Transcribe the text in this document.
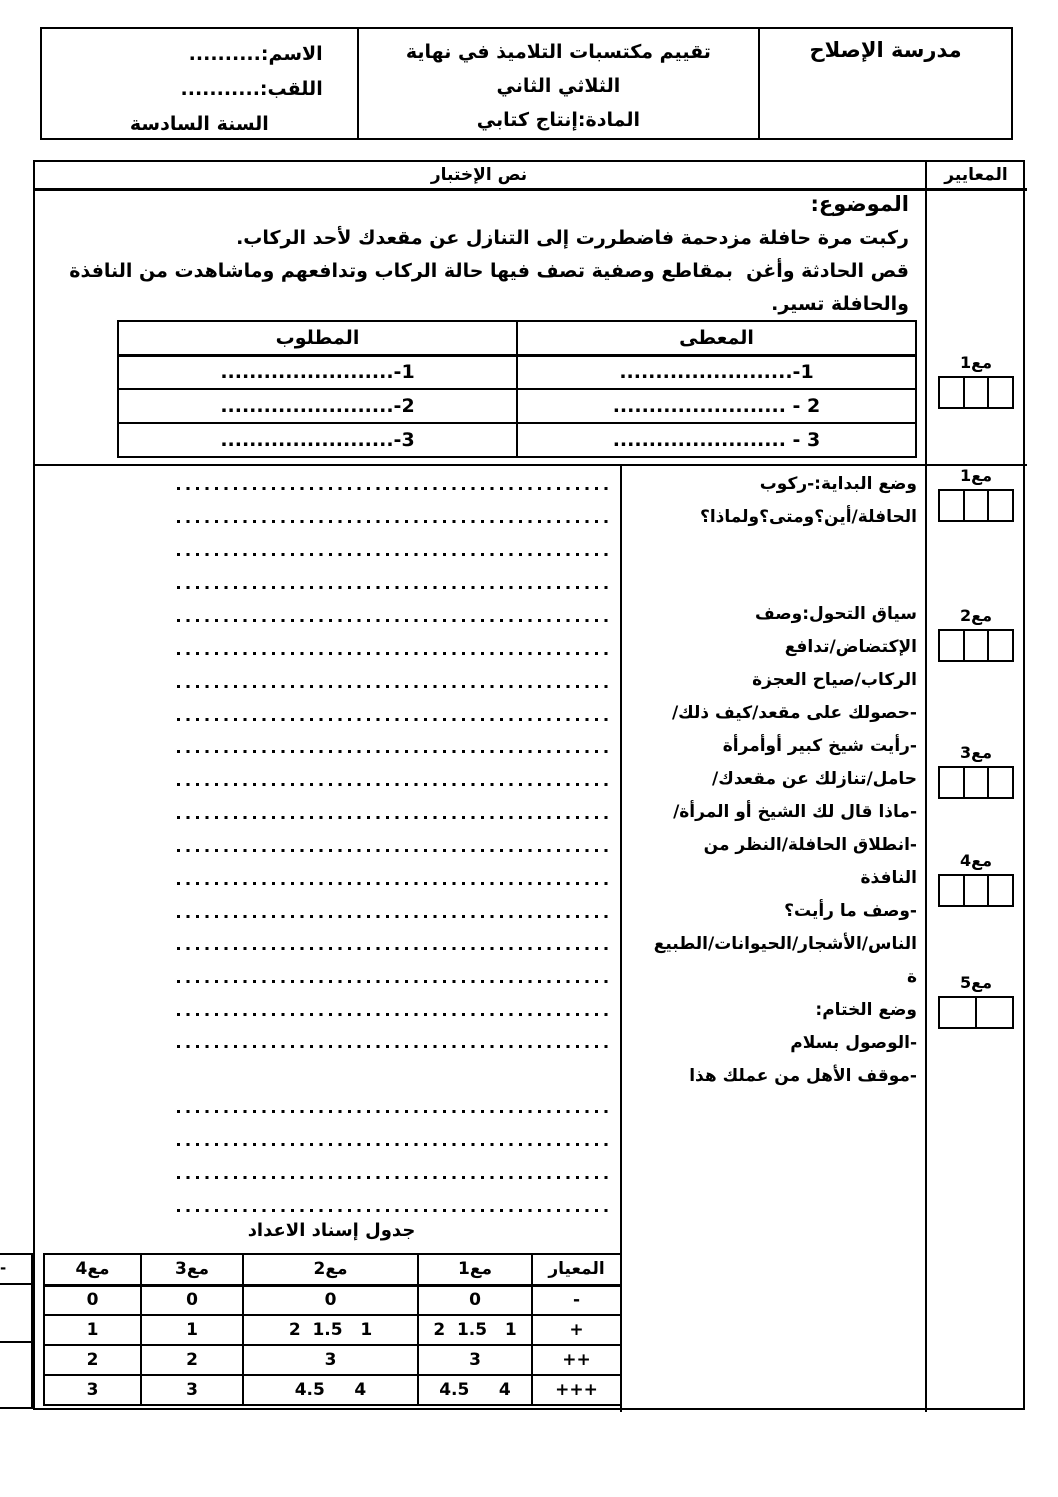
الاسم:..........
اللقب:...........
السنة السادسة
تقييم مكتسبات التلاميذ في نهاية
الثلاثي الثاني
المادة:إنتاج كتابي
مدرسة الإصلاح
نص الإختبار	المعايير
الموضوع:
ركبت مرة حافلة مزدحمة فاضطررت إلى التنازل عن مقعدك لأحد الركاب.
قص الحادثة وأغن  بمقاطع وصفية تصف فيها حالة الركاب وتدافعهم وماشاهدت من النافذة
والحافلة تسير.
المعطى	المطلوب
1-........................	1-........................
2 - ........................	2-........................
3 - ........................	3-........................
وضع البداية:-ركوب
الحافلة/أين؟ومتى؟ولماذا؟
سياق التحول:وصف
الإكتضاض/تدافع
الركاب/صياح العجزة
-حصولك على مقعد/كيف ذلك/
-رأيت شيخ كبير أوأمرأة
حامل/تنازلك عن مقعدك/
-ماذا قال لك الشيخ أو المرأة/
-انطلاق الحافلة/النظر من
النافذة
-وصف ما رأيت؟
الناس/الأشجار/الحيوانات/الطبيع
ة
وضع الختام:
-الوصول بسلام
-موقف الأهل من عملك هذا
مع1
مع1
مع2
مع3
مع4
مع5
جدول إسناد الاعداد
المعيار	مع1	مع2	مع3	مع4
-	0	0	0	0
+	2  1.5   1	2  1.5   1	1	1
++	3	3	2	2
+++	4.5     4	4.5     4	3	3
-
